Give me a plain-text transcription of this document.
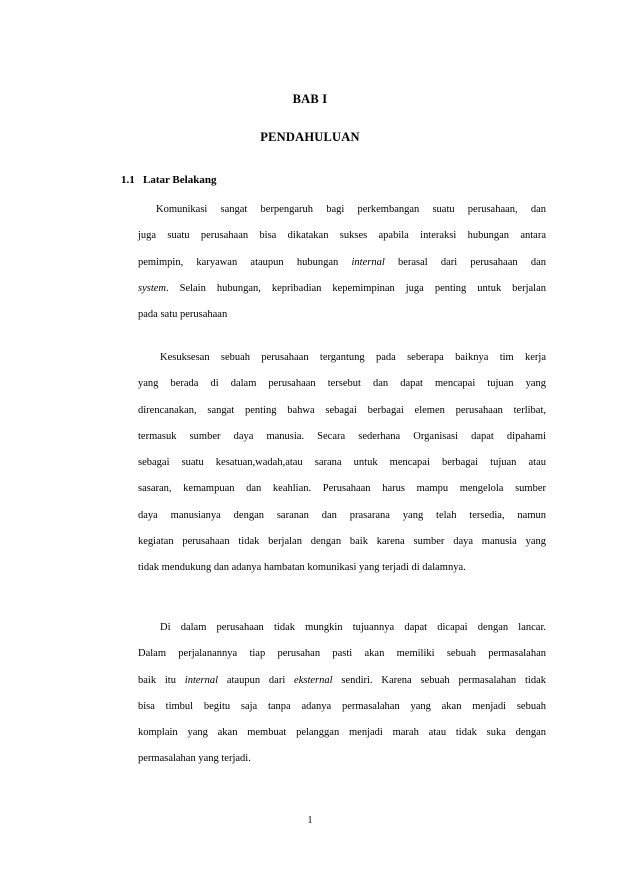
BAB I
PENDAHULUAN
1.1 Latar Belakang

Komunikasi sangat berpengaruh bagi perkembangan suatu perusahaan, dan
juga suatu perusahaan bisa dikatakan sukses apabila interaksi hubungan antara
pemimpin, karyawan ataupun hubungan internal berasal dari perusahaan dan
system. Selain hubungan, kepribadian kepemimpinan juga penting untuk berjalan
pada satu perusahaan

Kesuksesan sebuah perusahaan tergantung pada seberapa baiknya tim kerja
yang berada di dalam perusahaan tersebut dan dapat mencapai tujuan yang
direncanakan, sangat penting bahwa sebagai berbagai elemen perusahaan terlibat,
termasuk sumber daya manusia. Secara sederhana Organisasi dapat dipahami
sebagai suatu kesatuan,wadah,atau sarana untuk mencapai berbagai tujuan atau
sasaran, kemampuan dan keahlian. Perusahaan harus mampu mengelola sumber
daya manusianya dengan saranan dan prasarana yang telah tersedia, namun
kegiatan perusahaan tidak berjalan dengan baik karena sumber daya manusia yang
tidak mendukung dan adanya hambatan komunikasi yang terjadi di dalamnya.

Di dalam perusahaan tidak mungkin tujuannya dapat dicapai dengan lancar.
Dalam perjalanannya tiap perusahan pasti akan memiliki sebuah permasalahan
baik itu internal ataupun dari eksternal sendiri. Karena sebuah permasalahan tidak
bisa timbul begitu saja tanpa adanya permasalahan yang akan menjadi sebuah
komplain yang akan membuat pelanggan menjadi marah atau tidak suka dengan
permasalahan yang terjadi.

1
